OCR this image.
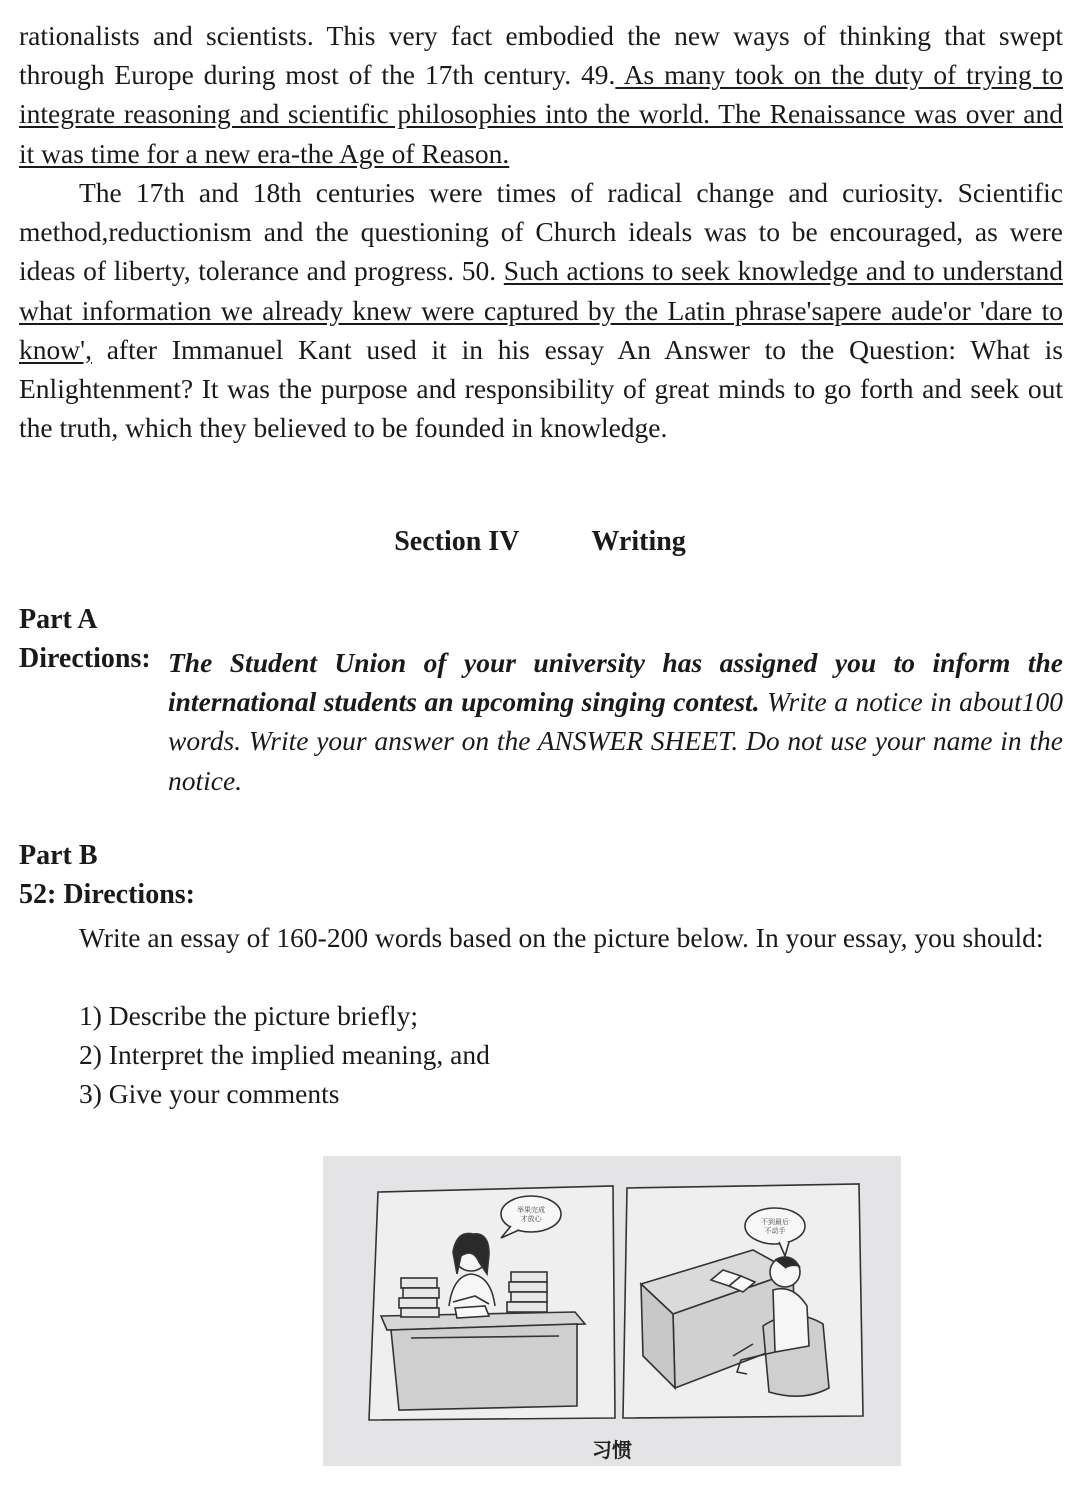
rationalists and scientists. This very fact embodied the new ways of thinking that swept through Europe during most of the 17th century. 49. As many took on the duty of trying to integrate reasoning and scientific philosophies into the world. The Renaissance was over and it was time for a new era-the Age of Reason.

The 17th and 18th centuries were times of radical change and curiosity. Scientific method,reductionism and the questioning of Church ideals was to be encouraged, as were ideas of liberty, tolerance and progress. 50. Such actions to seek knowledge and to understand what information we already knew were captured by the Latin phrase'sapere aude'or 'dare to know', after Immanuel Kant used it in his essay An Answer to the Question: What is Enlightenment? It was the purpose and responsibility of great minds to go forth and seek out the truth, which they believed to be founded in knowledge.

Section IV	Writing
Part A
Directions: The Student Union of your university has assigned you to inform the international students an upcoming singing contest. Write a notice in about100 words. Write your answer on the ANSWER SHEET. Do not use your name in the notice.

Part B
52: Directions:

Write an essay of 160-200 words based on the picture below. In your essay, you should:

1) Describe the picture briefly;
2) Interpret the implied meaning, and
3) Give your comments
举果完成
才放心	不到最后
不动手
习惯
